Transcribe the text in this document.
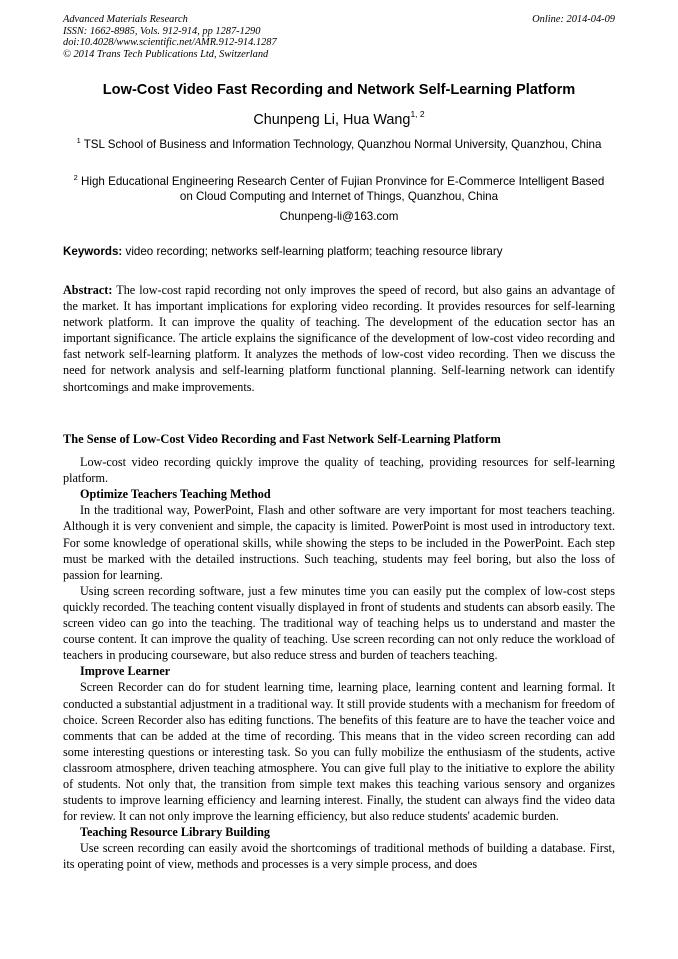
Advanced Materials Research
ISSN: 1662-8985, Vols. 912-914, pp 1287-1290
doi:10.4028/www.scientific.net/AMR.912-914.1287
© 2014 Trans Tech Publications Ltd, Switzerland
Online: 2014-04-09
Low-Cost Video Fast Recording and Network Self-Learning Platform
Chunpeng Li, Hua Wang$^{1, 2}$
$^1$ TSL School of Business and Information Technology, Quanzhou Normal University, Quanzhou, China
$^2$ High Educational Engineering Research Center of Fujian Pronvince for E-Commerce Intelligent Based on Cloud Computing and Internet of Things, Quanzhou, China
Chunpeng-li@163.com
Keywords: video recording; networks self-learning platform; teaching resource library

Abstract: The low-cost rapid recording not only improves the speed of record, but also gains an advantage of the market. It has important implications for exploring video recording. It provides resources for self-learning network platform. It can improve the quality of teaching. The development of the education sector has an important significance. The article explains the significance of the development of low-cost video recording and fast network self-learning platform. It analyzes the methods of low-cost video recording. Then we discuss the need for network analysis and self-learning platform functional planning. Self-learning network can identify shortcomings and make improvements.

The Sense of Low-Cost Video Recording and Fast Network Self-Learning Platform

Low-cost video recording quickly improve the quality of teaching, providing resources for self-learning platform.

Optimize Teachers Teaching Method

In the traditional way, PowerPoint, Flash and other software are very important for most teachers teaching. Although it is very convenient and simple, the capacity is limited. PowerPoint is most used in introductory text. For some knowledge of operational skills, while showing the steps to be included in the PowerPoint. Each step must be marked with the detailed instructions. Such teaching, students may feel boring, but also the loss of passion for learning.

Using screen recording software, just a few minutes time you can easily put the complex of low-cost steps quickly recorded. The teaching content visually displayed in front of students and students can absorb easily. The screen video can go into the teaching. The traditional way of teaching helps us to understand and master the course content. It can improve the quality of teaching. Use screen recording can not only reduce the workload of teachers in producing courseware, but also reduce stress and burden of teachers teaching.

Improve Learner

Screen Recorder can do for student learning time, learning place, learning content and learning formal. It conducted a substantial adjustment in a traditional way. It still provide students with a mechanism for freedom of choice. Screen Recorder also has editing functions. The benefits of this feature are to have the teacher voice and comments that can be added at the time of recording. This means that in the video screen recording can add some interesting questions or interesting task. So you can fully mobilize the enthusiasm of the students, active classroom atmosphere, driven teaching atmosphere. You can give full play to the initiative to explore the ability of students. Not only that, the transition from simple text makes this teaching various sensory and organizes students to improve learning efficiency and learning interest. Finally, the student can always find the video data for review. It can not only improve the learning efficiency, but also reduce students' academic burden.

Teaching Resource Library Building

Use screen recording can easily avoid the shortcomings of traditional methods of building a database. First, its operating point of view, methods and processes is a very simple process, and does
